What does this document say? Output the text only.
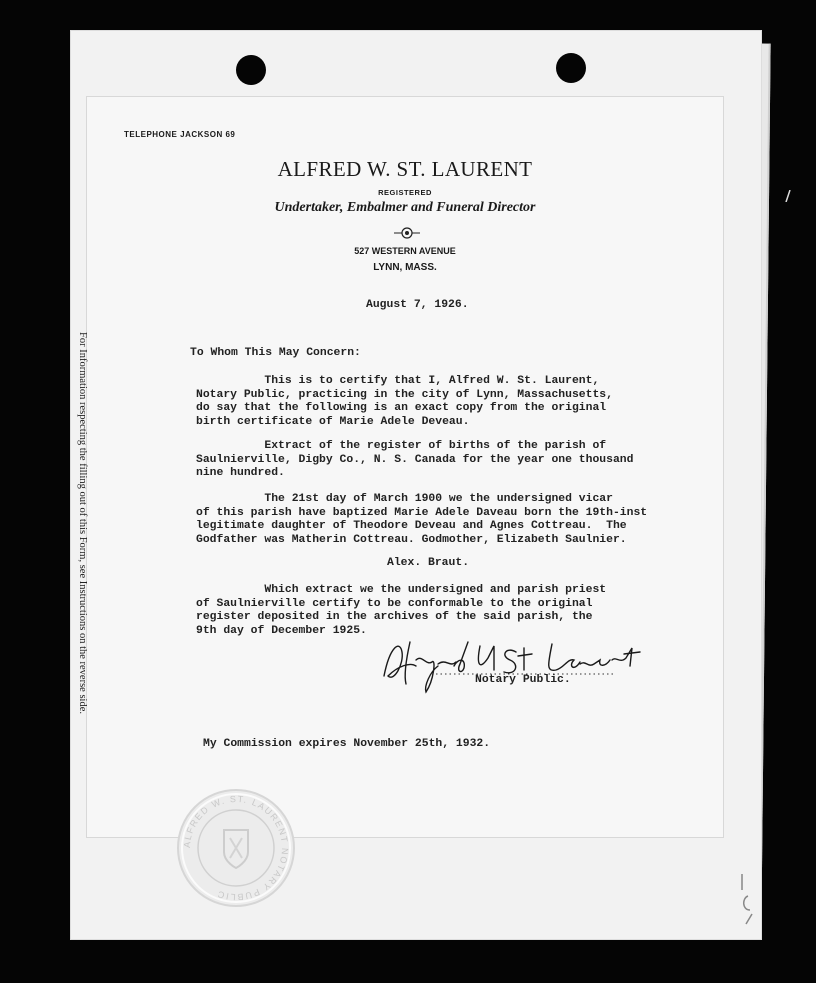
For Information respecting the filling out of this Form, see Instructions on the reverse side.
TELEPHONE JACKSON 69
ALFRED W. ST. LAURENT
REGISTERED
Undertaker, Embalmer and Funeral Director
527 WESTERN AVENUE
LYNN, MASS.
August 7, 1926.
To Whom This May Concern:
This is to certify that I, Alfred W. St. Laurent,
Notary Public, practicing in the city of Lynn, Massachusetts,
do say that the following is an exact copy from the original
birth certificate of Marie Adele Deveau.
Extract of the register of births of the parish of
Saulnierville, Digby Co., N. S. Canada for the year one thousand
nine hundred.
The 21st day of March 1900 we the undersigned vicar
of this parish have baptized Marie Adele Daveau born the 19th-inst
legitimate daughter of Theodore Deveau and Agnes Cottreau.  The
Godfather was Matherin Cottreau. Godmother, Elizabeth Saulnier.
Alex. Braut.
Which extract we the undersigned and parish priest
of Saulnierville certify to be conformable to the original
register deposited in the archives of the said parish, the
9th day of December 1925.	Alfred W. St. Laurent
Notary Public.
My Commission expires November 25th, 1932.
ALFRED W. ST. LAURENT NOTARY PUBLIC
